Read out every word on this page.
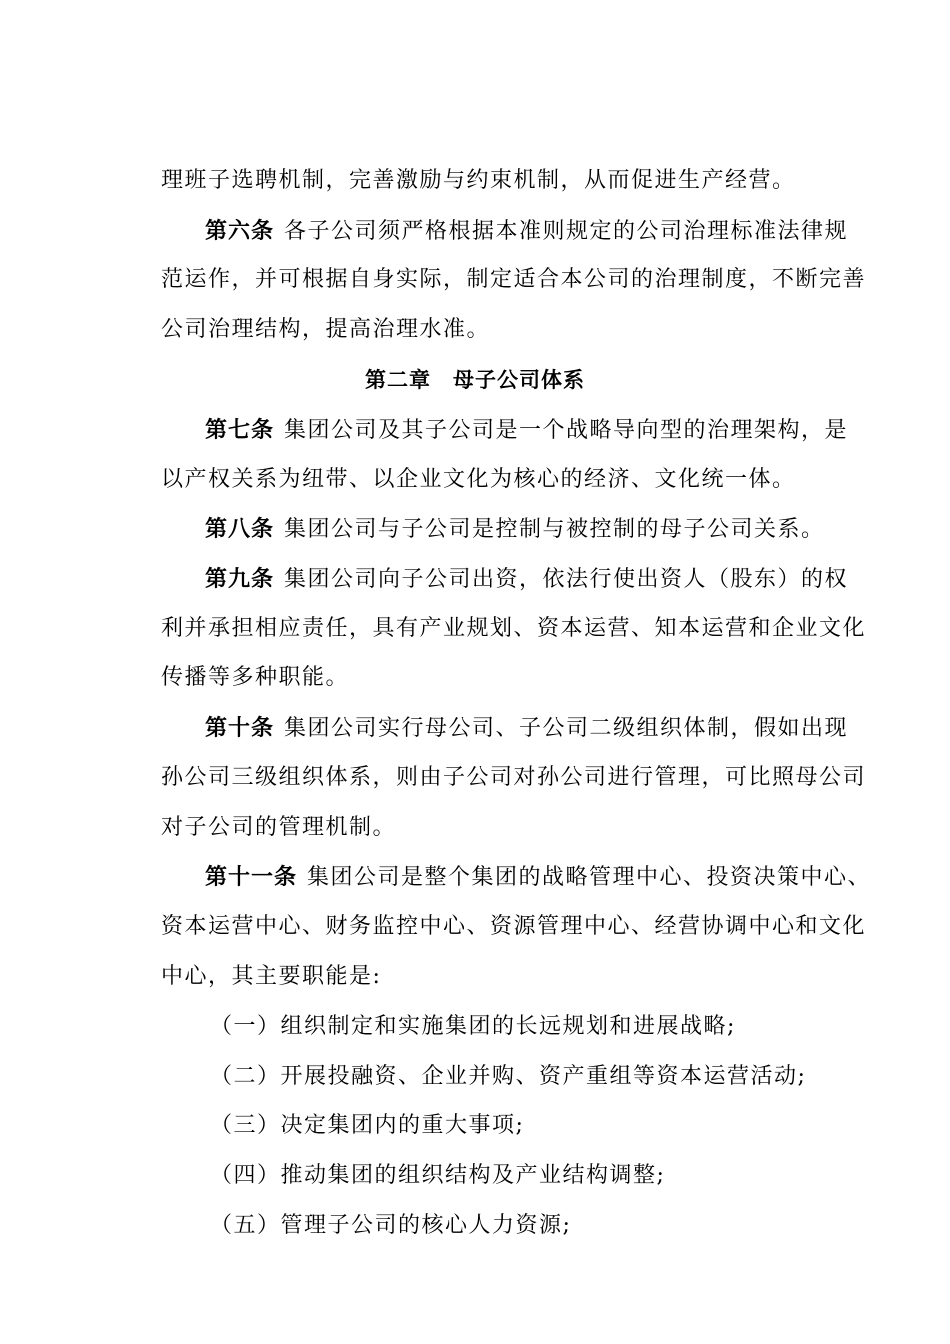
理班子选聘机制，完善激励与约束机制，从而促进生产经营。
第六条 各子公司须严格根据本准则规定的公司治理标准法律规
范运作，并可根据自身实际，制定适合本公司的治理制度，不断完善
公司治理结构，提高治理水准。
第二章　母子公司体系
第七条 集团公司及其子公司是一个战略导向型的治理架构，是
以产权关系为纽带、以企业文化为核心的经济、文化统一体。
第八条 集团公司与子公司是控制与被控制的母子公司关系。
第九条 集团公司向子公司出资，依法行使出资人（股东）的权
利并承担相应责任，具有产业规划、资本运营、知本运营和企业文化
传播等多种职能。
第十条 集团公司实行母公司、子公司二级组织体制，假如出现
孙公司三级组织体系，则由子公司对孙公司进行管理，可比照母公司
对子公司的管理机制。
第十一条 集团公司是整个集团的战略管理中心、投资决策中心、
资本运营中心、财务监控中心、资源管理中心、经营协调中心和文化
中心，其主要职能是:
（一）组织制定和实施集团的长远规划和进展战略;
（二）开展投融资、企业并购、资产重组等资本运营活动;
（三）决定集团内的重大事项;
（四）推动集团的组织结构及产业结构调整;
（五）管理子公司的核心人力资源;
